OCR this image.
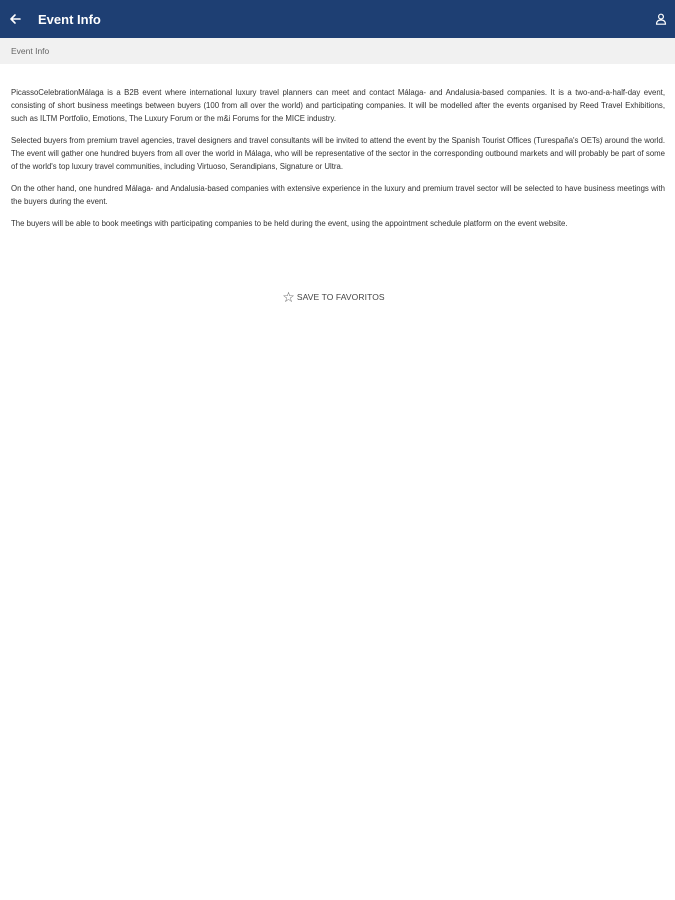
Event Info
Event Info

PicassoCelebrationMálaga is a B2B event where international luxury travel planners can meet and contact Málaga- and Andalusia-based companies. It is a two-and-a-half-day event, consisting of short business meetings between buyers (100 from all over the world) and participating companies. It will be modelled after the events organised by Reed Travel Exhibitions, such as ILTM Portfolio, Emotions, The Luxury Forum or the m&i Forums for the MICE industry.

Selected buyers from premium travel agencies, travel designers and travel consultants will be invited to attend the event by the Spanish Tourist Offices (Turespaña's OETs) around the world. The event will gather one hundred buyers from all over the world in Málaga, who will be representative of the sector in the corresponding outbound markets and will probably be part of some of the world's top luxury travel communities, including Virtuoso, Serandipians, Signature or Ultra.

On the other hand, one hundred Málaga- and Andalusia-based companies with extensive experience in the luxury and premium travel sector will be selected to have business meetings with the buyers during the event.

The buyers will be able to book meetings with participating companies to be held during the event, using the appointment schedule platform on the event website.

☆ SAVE TO FAVORITOS
